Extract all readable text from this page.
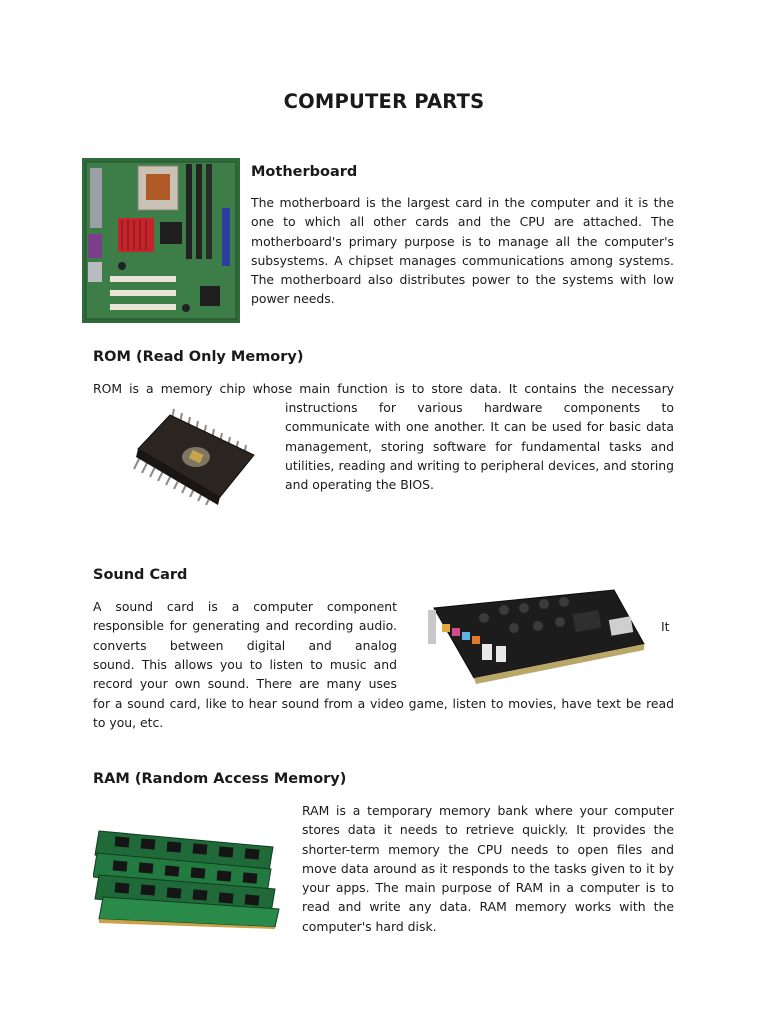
COMPUTER PARTS
Motherboard
The motherboard is the largest card in the computer and it is the
one to which all other cards and the CPU are attached. The
motherboard's primary purpose is to manage all the computer's
subsystems. A chipset manages communications among systems.
The motherboard also distributes power to the systems with low
power needs.
ROM (Read Only Memory)
ROM is a memory chip whose main function is to store data. It contains the necessary
instructions for various hardware components to
communicate with one another. It can be used for basic data
management, storing software for fundamental tasks and
utilities, reading and writing to peripheral devices, and storing
and operating the BIOS.
Sound Card
A sound card is a computer component
responsible for generating and recording audio.
converts between digital and analog
sound. This allows you to listen to music and
record your own sound. There are many uses
It
for a sound card, like to hear sound from a video game, listen to movies, have text be read
to you, etc.
RAM (Random Access Memory)
RAM is a temporary memory bank where your computer
stores data it needs to retrieve quickly. It provides the
shorter-term memory the CPU needs to open files and
move data around as it responds to the tasks given to it by
your apps. The main purpose of RAM in a computer is to
read and write any data. RAM memory works with the
computer's hard disk.
